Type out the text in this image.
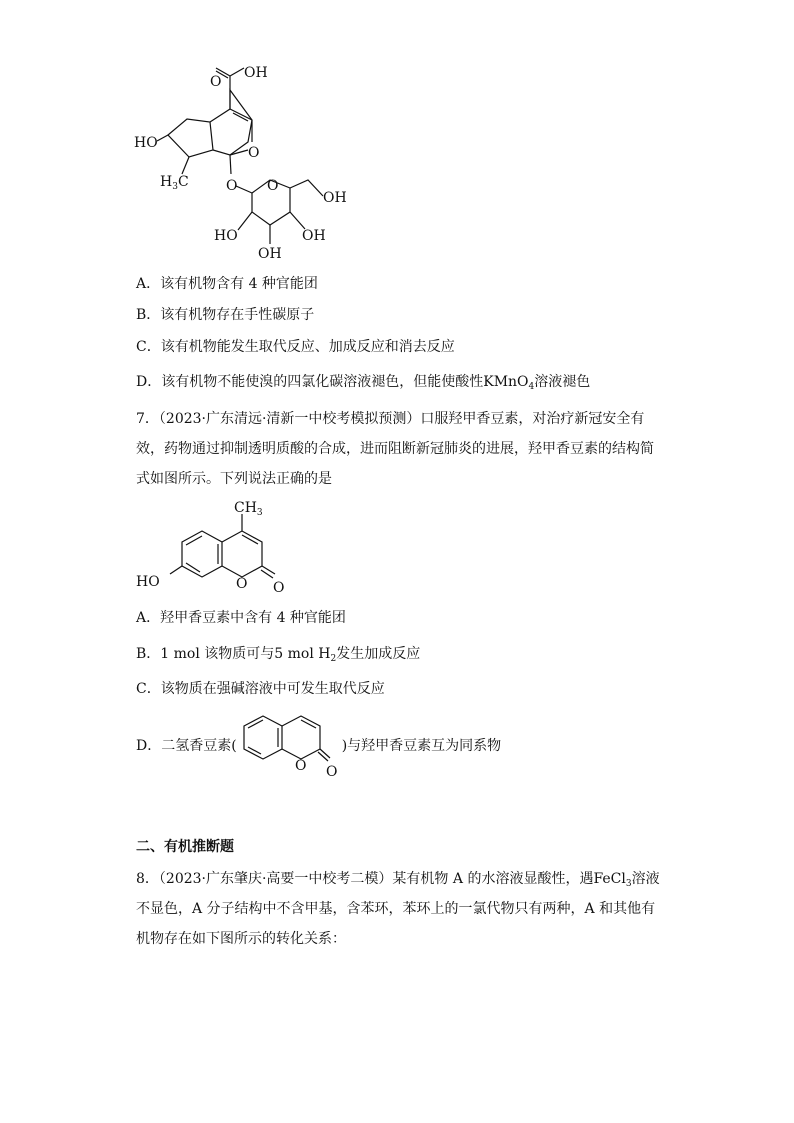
O
OH
O
HO
$H_3C$	O O
OH
HO
OH
OH
A．该有机物含有 4 种官能团
B．该有机物存在手性碳原子
C．该有机物能发生取代反应、加成反应和消去反应
D．该有机物不能使溴的四氯化碳溶液褪色，但能使酸性KMnO$_4$溶液褪色
7．（2023·广东清远·清新一中校考模拟预测）口服羟甲香豆素，对治疗新冠安全有效，药物通过抑制透明质酸的合成，进而阻断新冠肺炎的进展，羟甲香豆素的结构简式如图所示。下列说法正确的是
$CH_3$
HO	O O
A．羟甲香豆素中含有 4 种官能团
B．1 mol 该物质可与5 mol $H_2$发生加成反应
C．该物质在强碱溶液中可发生取代反应
D．二氢香豆素(	)与羟甲香豆素互为同系物
O O
二、有机推断题
8．（2023·广东肇庆·高要一中校考二模）某有机物 A 的水溶液显酸性，遇FeCl$_3$溶液不显色，A 分子结构中不含甲基，含苯环，苯环上的一氯代物只有两种，A 和其他有机物存在如下图所示的转化关系：
